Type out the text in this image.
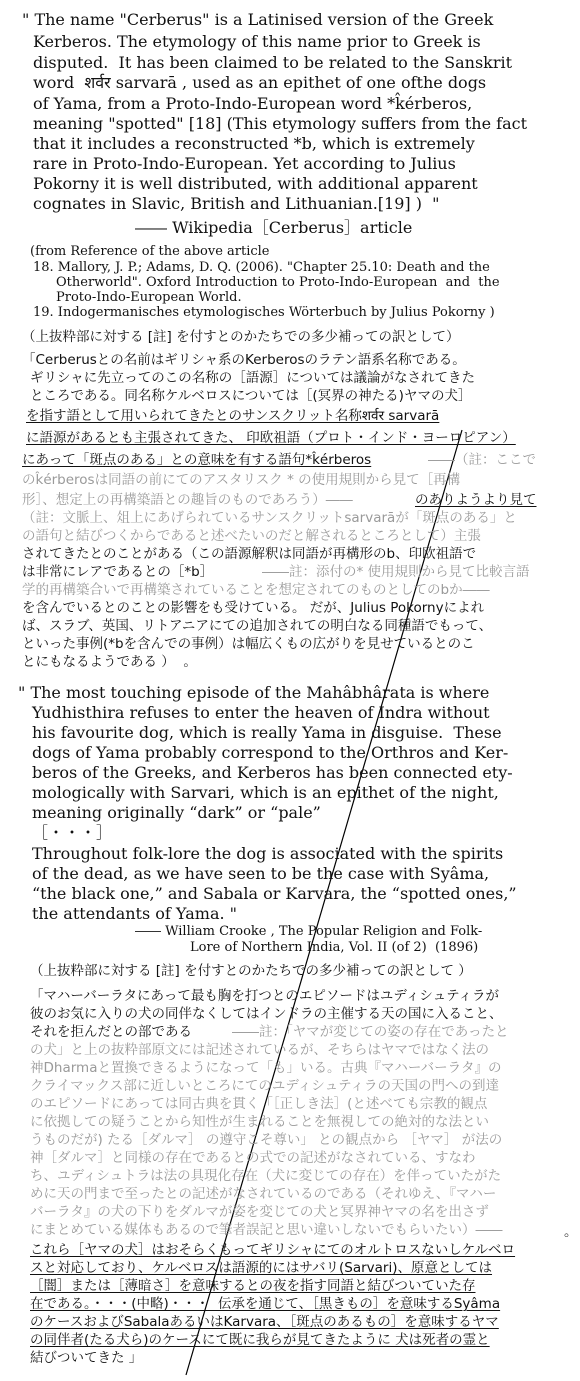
" The name "Cerberus" is a Latinised version of the Greek
Kerberos. The etymology of this name prior to Greek is
disputed.  It has been claimed to be related to the Sanskrit
word  शर्वर sarvarā , used as an epithet of one ofthe dogs
of Yama, from a Proto-Indo-European word *k̂érberos,
meaning "spotted" [18] (This etymology suffers from the fact
that it includes a reconstructed *b, which is extremely
rare in Proto-Indo-European. Yet according to Julius
Pokorny it is well distributed, with additional apparent
cognates in Slavic, British and Lithuanian.[19] )  "
―― Wikipedia［Cerberus］article
(from Reference of the above article
18. Mallory, J. P.; Adams, D. Q. (2006). "Chapter 25.10: Death and the
Otherworld". Oxford Introduction to Proto-Indo-European  and  the
Proto-Indo-European World.
19. Indogermanisches etymologisches Wörterbuch by Julius Pokorny )
（上抜粋部に対する [註] を付すとのかたちでの多少補っての訳として）
「Cerberusとの名前はギリシャ系のKerberosのラテン語系名称である。
ギリシャに先立ってのこの名称の［語源］については議論がなされてきた
ところである。同名称ケルベロスについては［(冥界の神たる)ヤマの犬］
を指す語として用いられてきたとのサンスクリット名称शर्वर sarvarā
に語源があるとも主張されてきた、 印欧祖語（プロト・インド・ヨーロピアン）
にあって「斑点のある」との意味を有する語句*k̂érberos	――（註：ここで
のk̂érberosは同語の前にてのアスタリスク * の使用規則から見て［再構
形］、想定上の再構築語との趣旨のものであろう）――	のありようより見て
（註：文脈上、俎上にあげられているサンスクリットsarvarāが「斑点のある」と
の語句と結びつくからであると述べたいのだと解されるところとして）主張
されてきたとのことがある（この語源解釈は同語が再構形のb、印欧祖語で
は非常にレアであるとの［*b］	――註：添付の* 使用規則から見て比較言語
学的再構築合いで再構築されていることを想定されてのものとしてのbか――
を含んでいるとのことの影響をも受けている。 だが、Julius Pokornyによれ
ば、スラブ、英国、リトアニアにての追加されての明白なる同種語でもって、
といった事例(*bを含んでの事例）は幅広くもの広がりを見せているとのこ
とにもなるようである ）  。
" The most touching episode of the Mahâbhârata is where
Yudhisthira refuses to enter the heaven of Indra without
his favourite dog, which is really Yama in disguise.  These
dogs of Yama probably correspond to the Orthros and Ker-
beros of the Greeks, and Kerberos has been connected ety-
mologically with Sarvari, which is an epithet of the night,
meaning originally “dark” or “pale”
［・・・］
Throughout folk-lore the dog is associated with the spirits
of the dead, as we have seen to be the case with Syâma,
“the black one,” and Sabala or Karvara, the “spotted ones,”
the attendants of Yama. "
―― William Crooke , The Popular Religion and Folk-
Lore of Northern India, Vol. II (of 2)  (1896)
（上抜粋部に対する [註] を付すとのかたちでの多少補っての訳として ）
「マハーバーラタにあって最も胸を打つとのエピソードはユディシュティラが
彼のお気に入りの犬の同伴なくしてはインドラの主催する天の国に入ること、
それを拒んだとの部である	――註：「ヤマが変じての姿の存在であったと
の犬」と上の抜粋部原文には記述されているが、そちらはヤマではなく法の
神Dharmaと置換できるようになって「も」いる。古典『マハーバーラタ』の
クライマックス部に近しいところにてのユディシュティラの天国の門への到達
のエピソードにあっては同古典を貫く「［正しき法］(と述べても宗教的観点
に依拠しての疑うことから知性が生まれることを無視しての絶対的な法とい
うものだが) たる［ダルマ］ の遵守こそ尊い」 との観点から ［ヤマ］ が法の
神［ダルマ］と同様の存在であるとの式での記述がなされている、すなわ
ち、ユディシュトラは法の具現化存在（犬に変じての存在）を伴っていたがた
めに天の門まで至ったとの記述がなされているのである（それゆえ、『マハー
バーラタ』の犬の下りをダルマが姿を変じての犬と冥界神ヤマの名を出さず
にまとめている媒体もあるので筆者誤記と思い違いしないでもらいたい）――	。
これら［ヤマの犬］はおそらくもってギリシャにてのオルトロスないしケルベロ
スと対応しており、ケルベロスは語源的にはサバリ(Sarvari)、原意としては
［闇］または［薄暗さ］を意味するとの夜を指す同語と結びついていた存
在である。・・・(中略)・・・  伝承を通じて、［黒きもの］を意味するSyâma
のケースおよびSabalaあるいはKarvara、［斑点のあるもの］を意味するヤマ
の同伴者(たる犬ら)のケースにて既に我らが見てきたように 犬は死者の霊と
結びついてきた 」
